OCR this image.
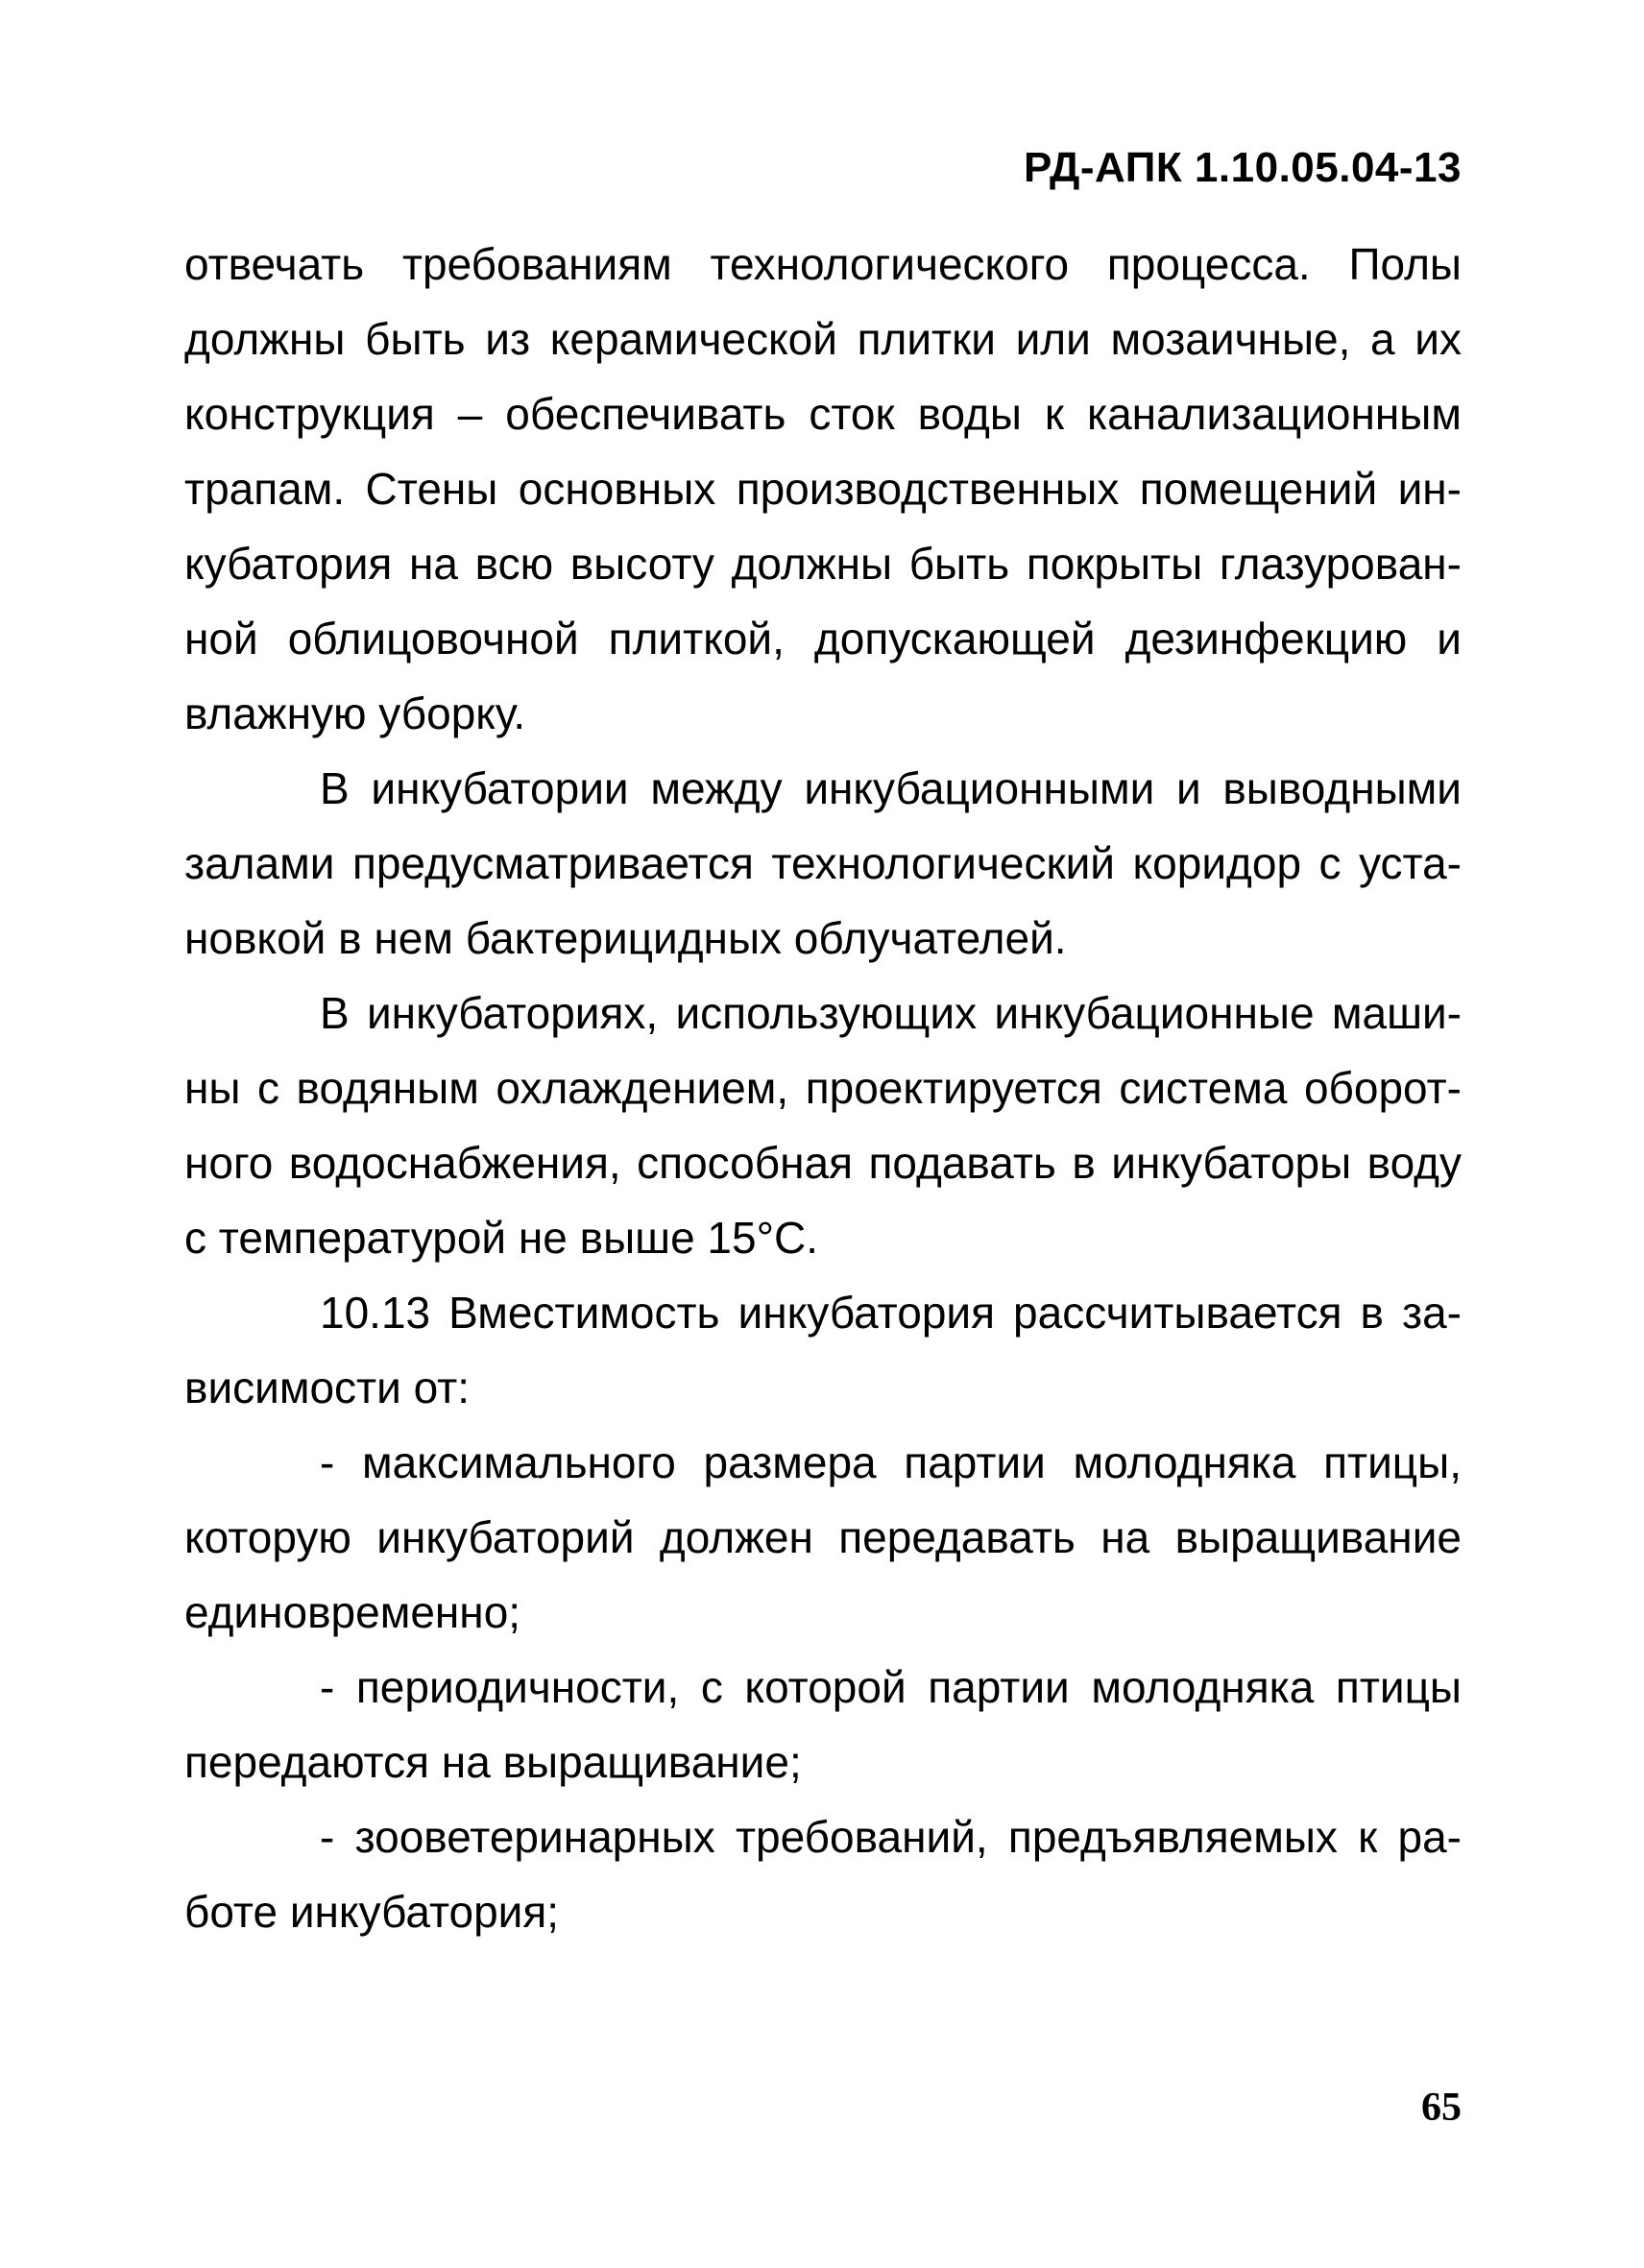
РД-АПК 1.10.05.04-13
отвечать требованиям технологического процесса. Полы
должны быть из керамической плитки или мозаичные, а их
конструкция – обеспечивать сток воды к канализационным
трапам. Стены основных производственных помещений ин-
кубатория на всю высоту должны быть покрыты глазурован-
ной облицовочной плиткой, допускающей дезинфекцию и
влажную уборку.
В инкубатории между инкубационными и выводными
залами предусматривается технологический коридор с уста-
новкой в нем бактерицидных облучателей.
В инкубаториях, использующих инкубационные маши-
ны с водяным охлаждением, проектируется система оборот-
ного водоснабжения, способная подавать в инкубаторы воду
с температурой не выше 15°С.
10.13 Вместимость инкубатория рассчитывается в за-
висимости от:
- максимального размера партии молодняка птицы,
которую инкубаторий должен передавать на выращивание
единовременно;
- периодичности, с которой партии молодняка птицы
передаются на выращивание;
- зооветеринарных требований, предъявляемых к ра-
боте инкубатория;
65
